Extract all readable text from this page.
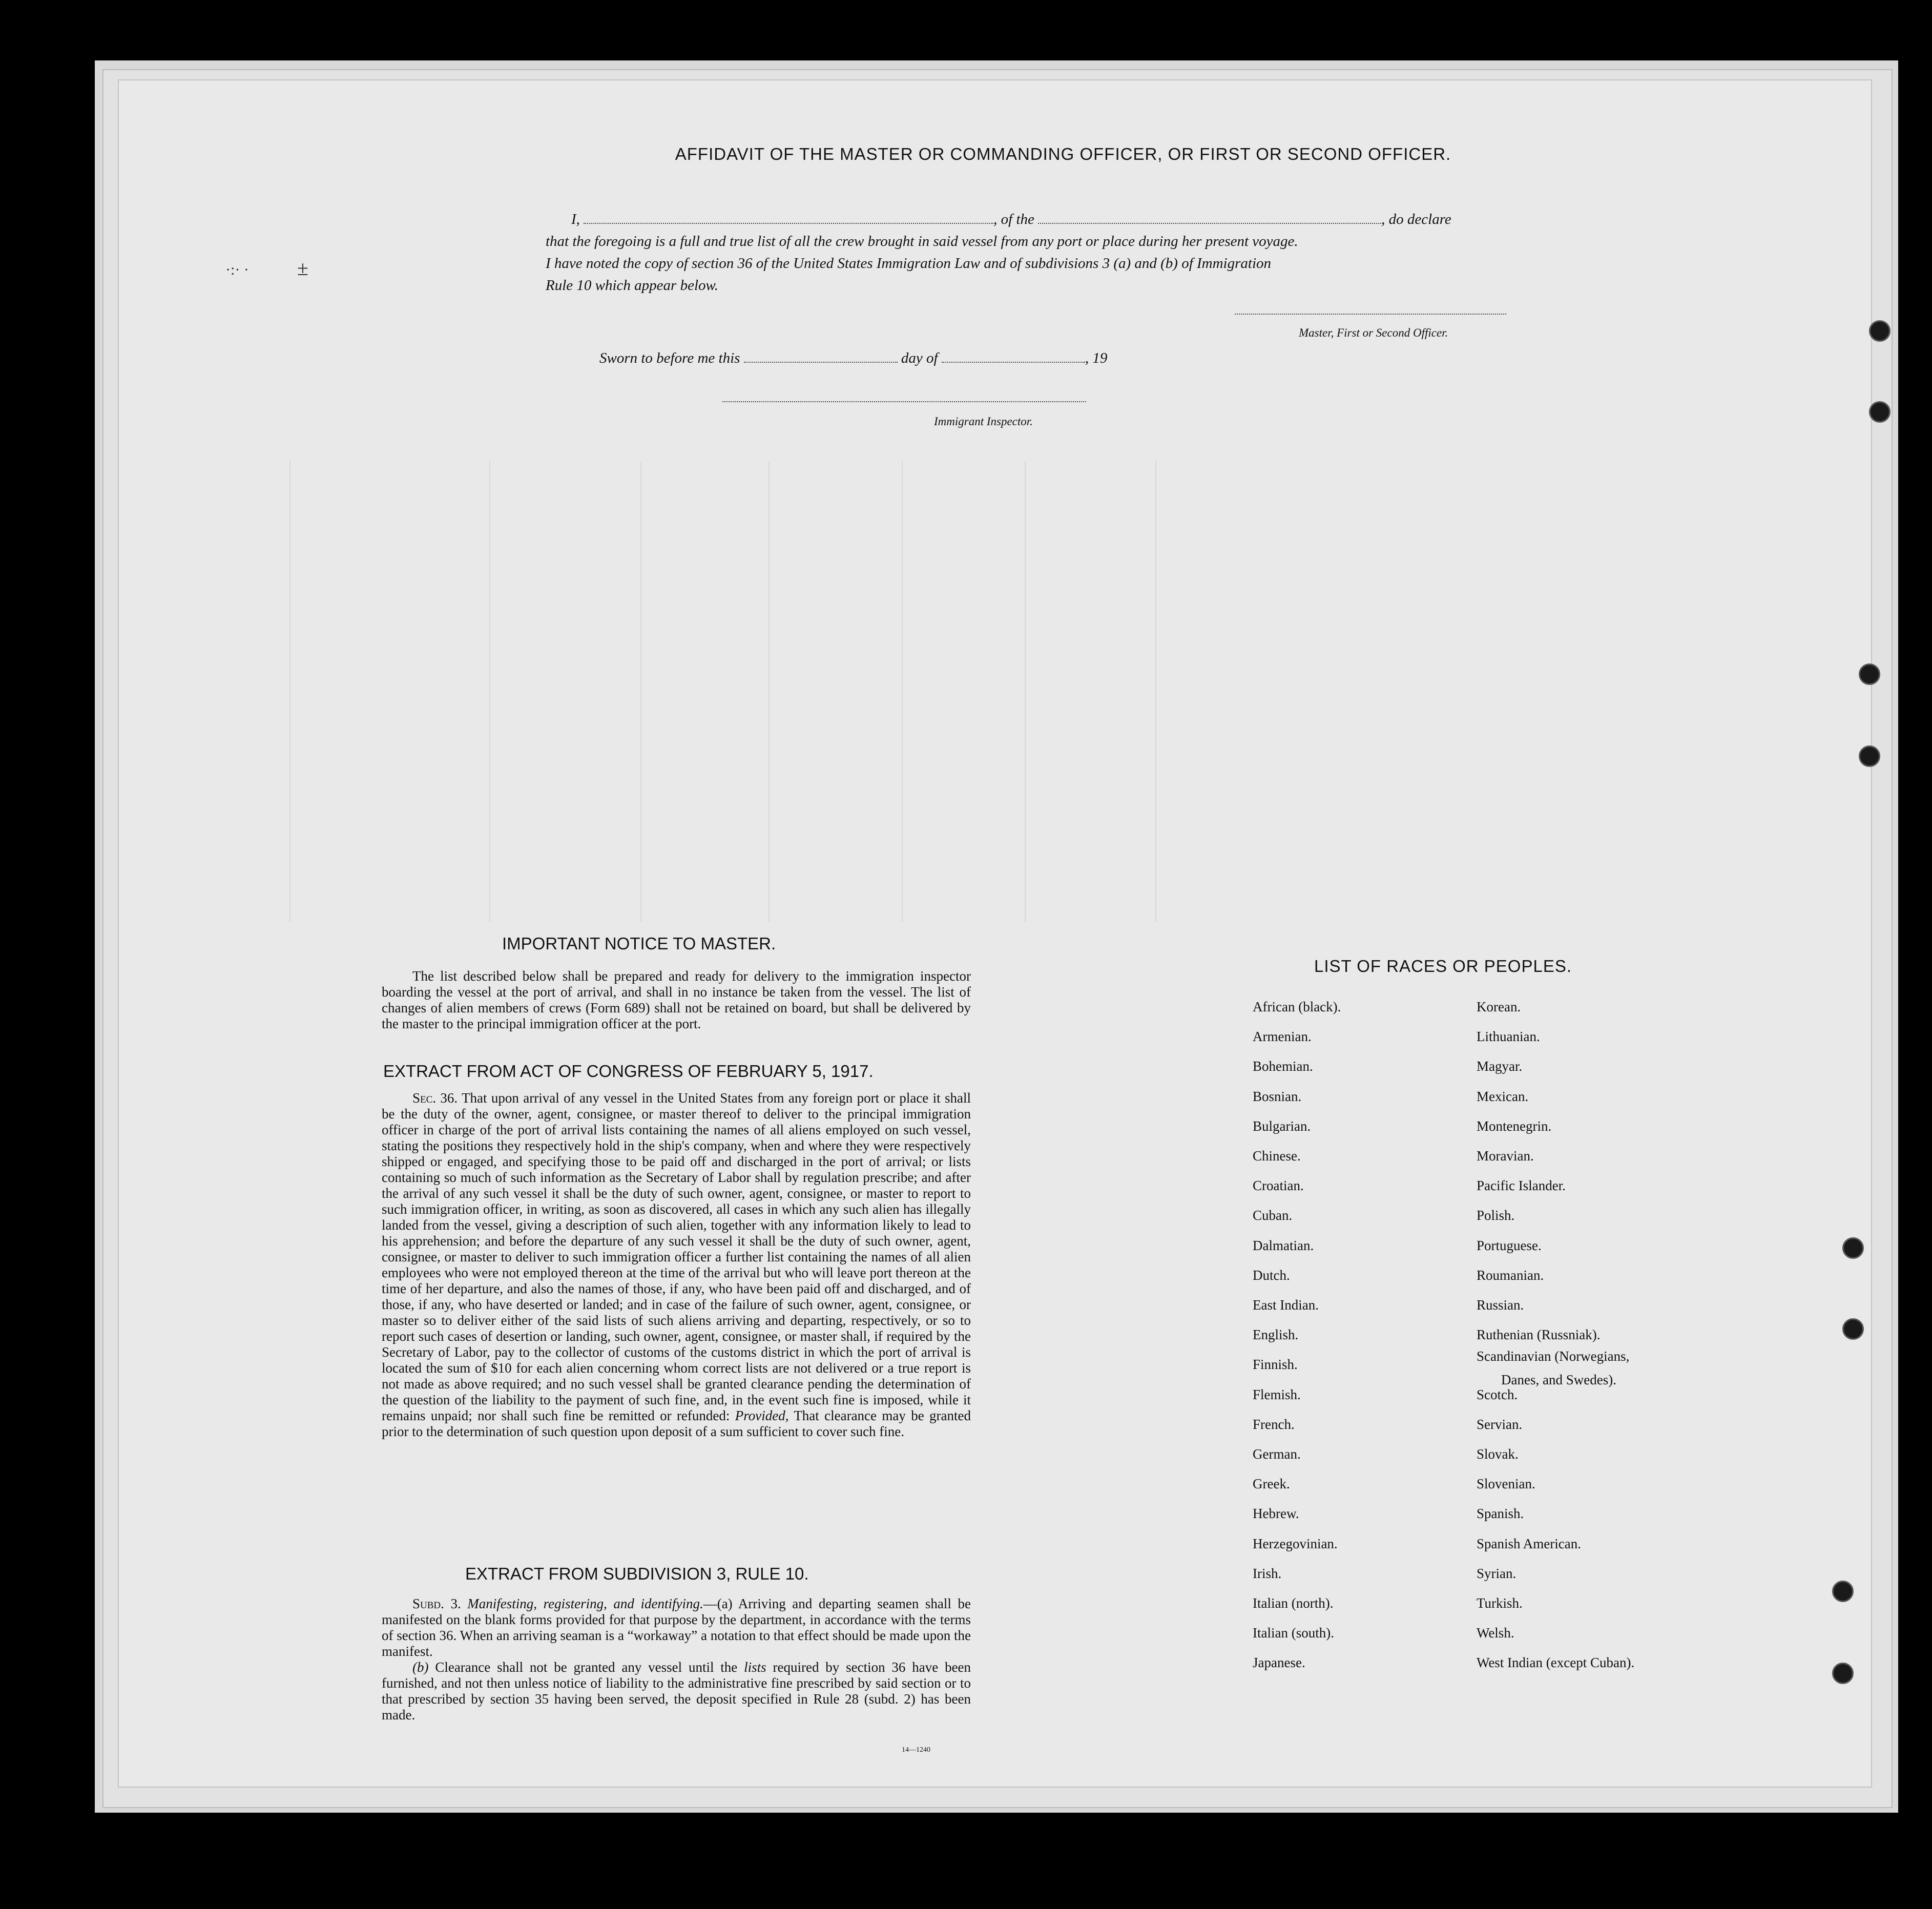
·:· · ±
AFFIDAVIT OF THE MASTER OR COMMANDING OFFICER, OR FIRST OR SECOND OFFICER.
I,	, of the	, do declare
that the foregoing is a full and true list of all the crew brought in said vessel from any port or place during her present voyage.
I have noted the copy of section 36 of the United States Immigration Law and of subdivisions 3 (a) and (b) of Immigration
Rule 10 which appear below.
Master, First or Second Officer.
Sworn to before me this	day of	, 19
Immigrant Inspector.
IMPORTANT NOTICE TO MASTER.

The list described below shall be prepared and ready for delivery to the immigration inspector boarding the vessel at the port of arrival, and shall in no instance be taken from the vessel. The list of changes of alien members of crews (Form 689) shall not be retained on board, but shall be delivered by the master to the principal immigration officer at the port.

EXTRACT FROM ACT OF CONGRESS OF FEBRUARY 5, 1917.

Sec. 36. That upon arrival of any vessel in the United States from any foreign port or place it shall be the duty of the owner, agent, consignee, or master thereof to deliver to the principal immigration officer in charge of the port of arrival lists containing the names of all aliens employed on such vessel, stating the positions they respectively hold in the ship's company, when and where they were respectively shipped or engaged, and specifying those to be paid off and discharged in the port of arrival; or lists containing so much of such information as the Secretary of Labor shall by regulation prescribe; and after the arrival of any such vessel it shall be the duty of such owner, agent, consignee, or master to report to such immigration officer, in writing, as soon as discovered, all cases in which any such alien has illegally landed from the vessel, giving a description of such alien, together with any information likely to lead to his apprehension; and before the departure of any such vessel it shall be the duty of such owner, agent, consignee, or master to deliver to such immigration officer a further list containing the names of all alien employees who were not employed thereon at the time of the arrival but who will leave port thereon at the time of her departure, and also the names of those, if any, who have been paid off and discharged, and of those, if any, who have deserted or landed; and in case of the failure of such owner, agent, consignee, or master so to deliver either of the said lists of such aliens arriving and departing, respectively, or so to report such cases of desertion or landing, such owner, agent, consignee, or master shall, if required by the Secretary of Labor, pay to the collector of customs of the customs district in which the port of arrival is located the sum of $10 for each alien concerning whom correct lists are not delivered or a true report is not made as above required; and no such vessel shall be granted clearance pending the determination of the question of the liability to the payment of such fine, and, in the event such fine is imposed, while it remains unpaid; nor shall such fine be remitted or refunded: Provided, That clearance may be granted prior to the determination of such question upon deposit of a sum sufficient to cover such fine.

EXTRACT FROM SUBDIVISION 3, RULE 10.

Subd. 3. Manifesting, registering, and identifying.—(a) Arriving and departing seamen shall be manifested on the blank forms provided for that purpose by the department, in accordance with the terms of section 36. When an arriving seaman is a “workaway” a notation to that effect should be made upon the manifest.

(b) Clearance shall not be granted any vessel until the lists required by section 36 have been furnished, and not then unless notice of liability to the administrative fine prescribed by said section or to that prescribed by section 35 having been served, the deposit specified in Rule 28 (subd. 2) has been made.

14—1240
LIST OF RACES OR PEOPLES.
African (black).
Armenian.
Bohemian.
Bosnian.
Bulgarian.
Chinese.
Croatian.
Cuban.
Dalmatian.
Dutch.
East Indian.
English.
Finnish.
Flemish.
French.
German.
Greek.
Hebrew.
Herzegovinian.
Irish.
Italian (north).
Italian (south).
Japanese.
Korean.
Lithuanian.
Magyar.
Mexican.
Montenegrin.
Moravian.
Pacific Islander.
Polish.
Portuguese.
Roumanian.
Russian.
Ruthenian (Russniak).
Scandinavian (Norwegians,
Danes, and Swedes).
Scotch.
Servian.
Slovak.
Slovenian.
Spanish.
Spanish American.
Syrian.
Turkish.
Welsh.
West Indian (except Cuban).
